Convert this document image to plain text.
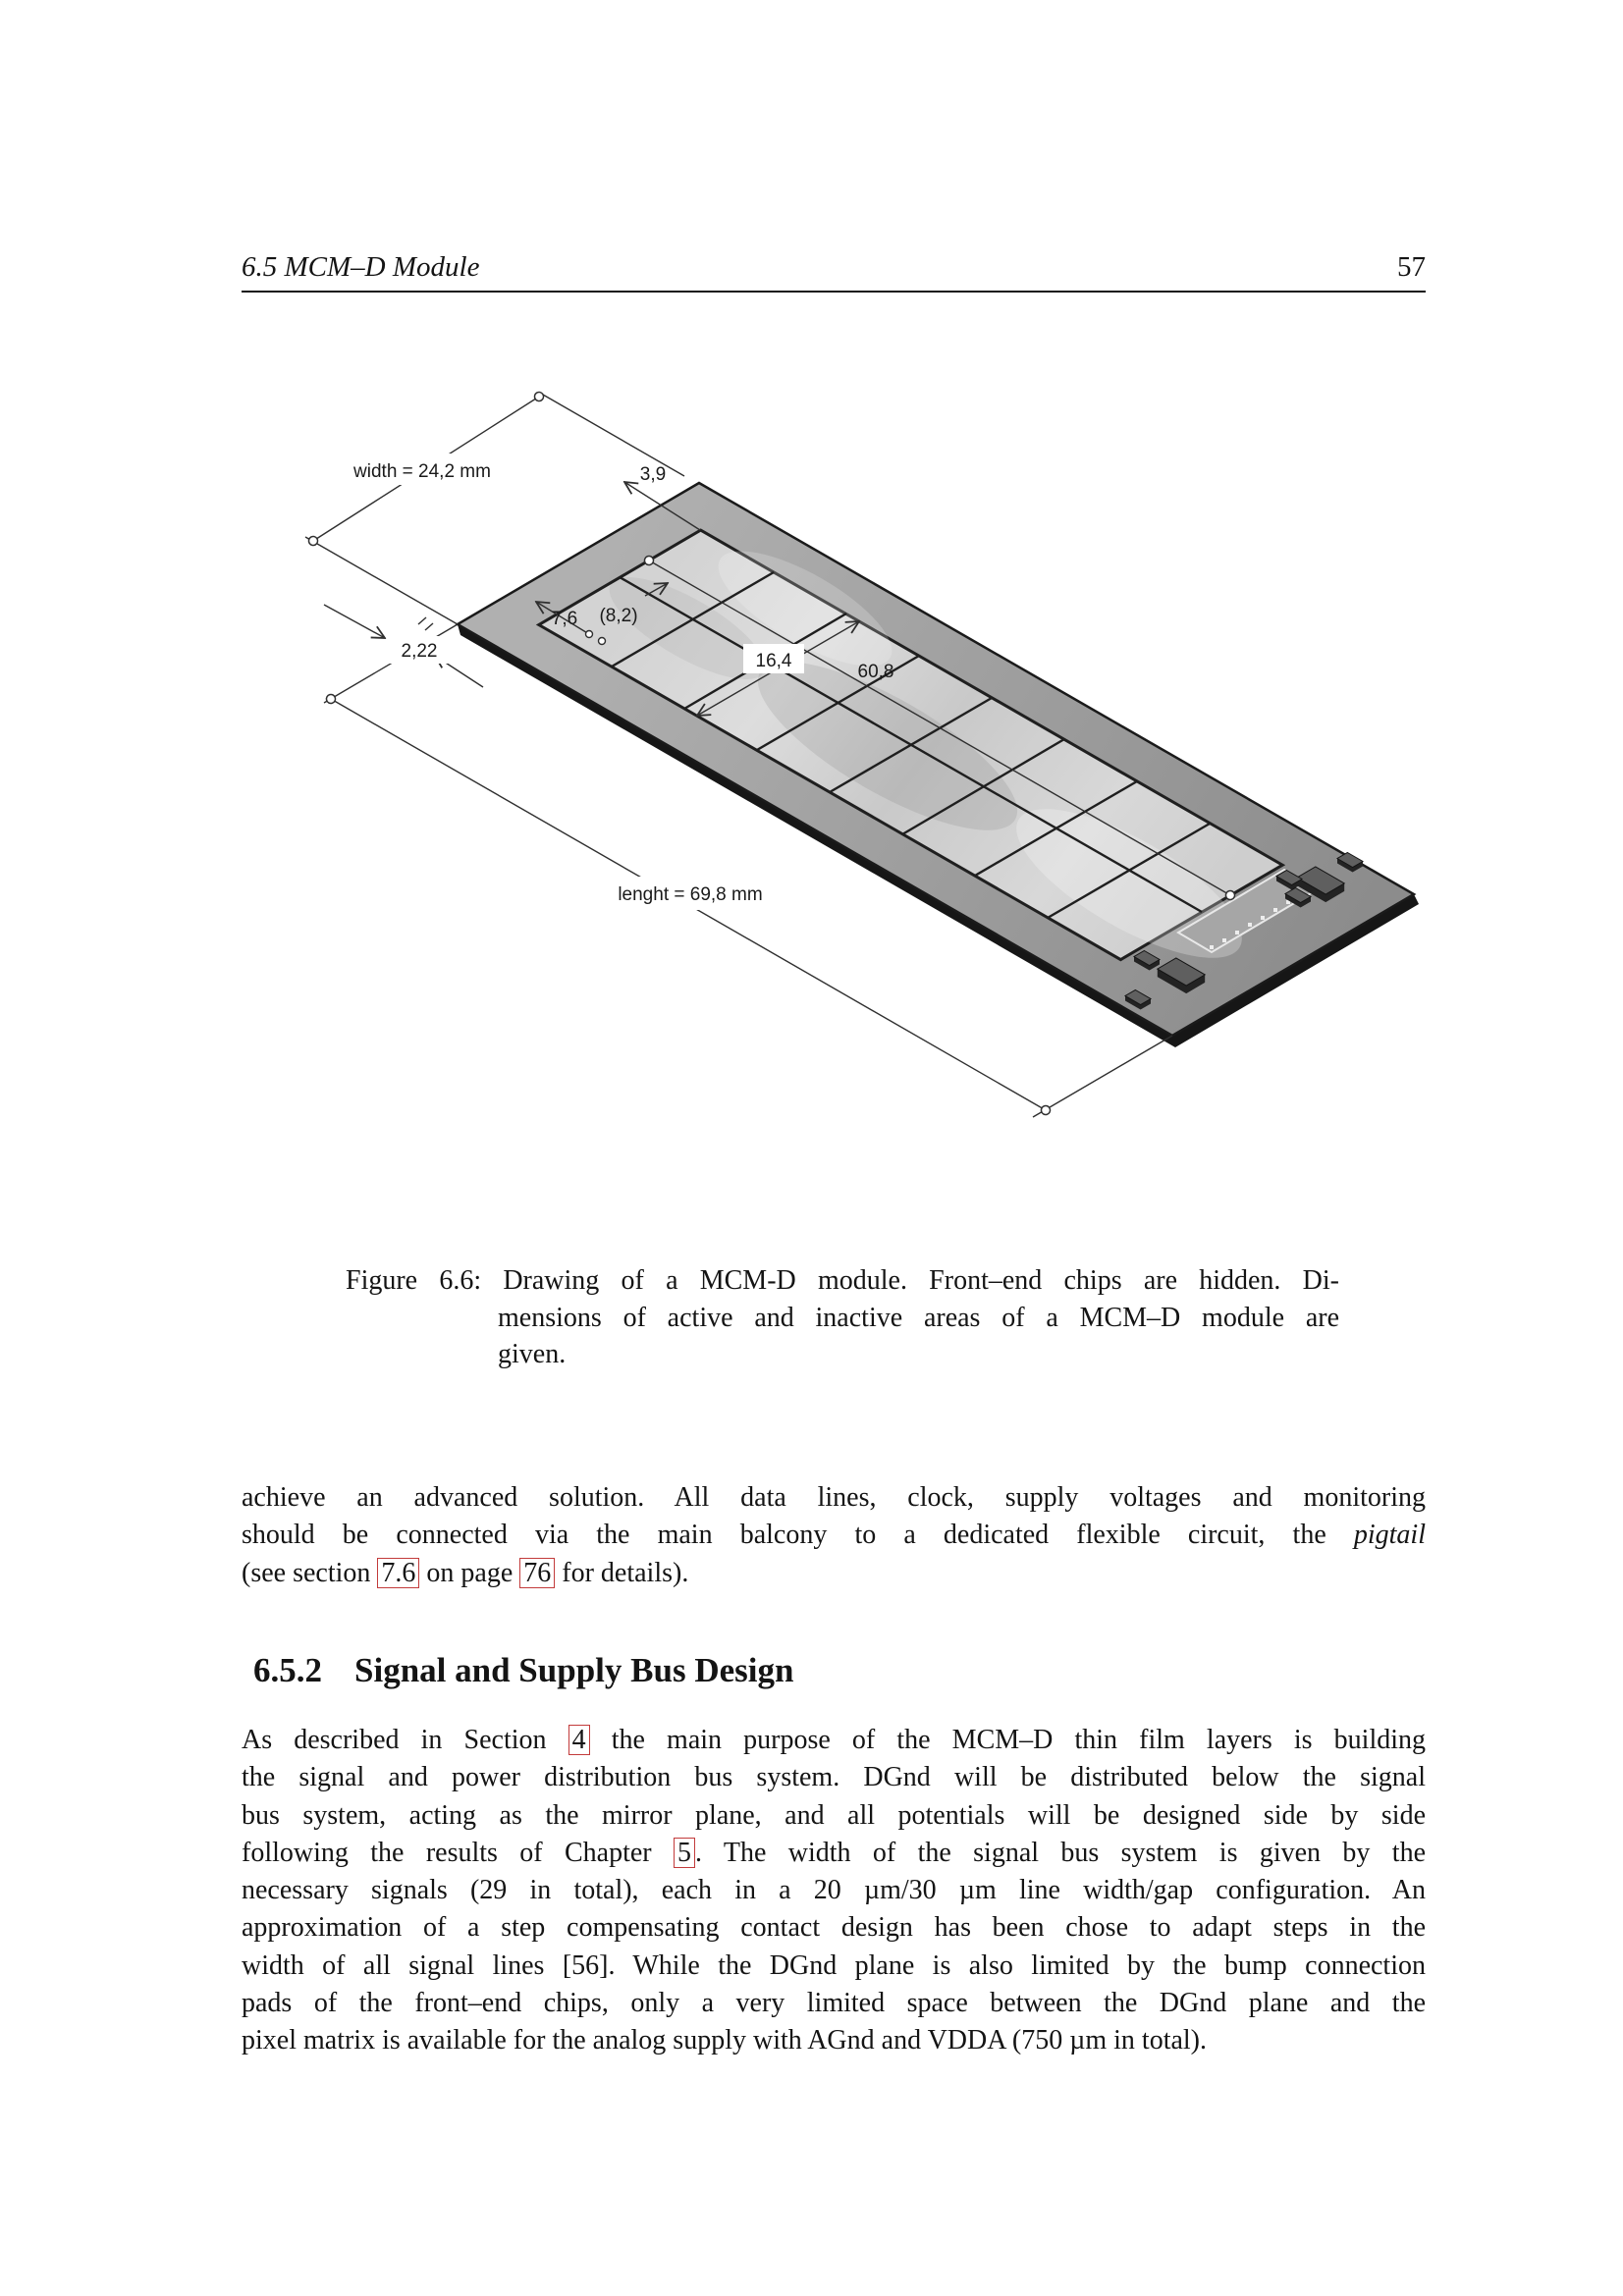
6.5 MCM–D Module	57
width = 24,2 mm	3,9
2,22
7,6 (8,2)
16,4
60,8
lenght = 69,8 mm
Figure 6.6: Drawing of a MCM-D module. Front–end chips are hidden. Di-
mensions of active and inactive areas of a MCM–D module are
given.
achieve an advanced solution. All data lines, clock, supply voltages and monitoring
should be connected via the main balcony to a dedicated flexible circuit, the pigtail
(see section 7.6 on page 76 for details).
6.5.2 Signal and Supply Bus Design
As described in Section 4 the main purpose of the MCM–D thin film layers is building
the signal and power distribution bus system. DGnd will be distributed below the signal
bus system, acting as the mirror plane, and all potentials will be designed side by side
following the results of Chapter 5 . The width of the signal bus system is given by the
necessary signals (29 in total), each in a 20 µm/30 µm line width/gap configuration. An
approximation of a step compensating contact design has been chose to adapt steps in the
width of all signal lines [56]. While the DGnd plane is also limited by the bump connection
pads of the front–end chips, only a very limited space between the DGnd plane and the
pixel matrix is available for the analog supply with AGnd and VDDA (750 µm in total).
